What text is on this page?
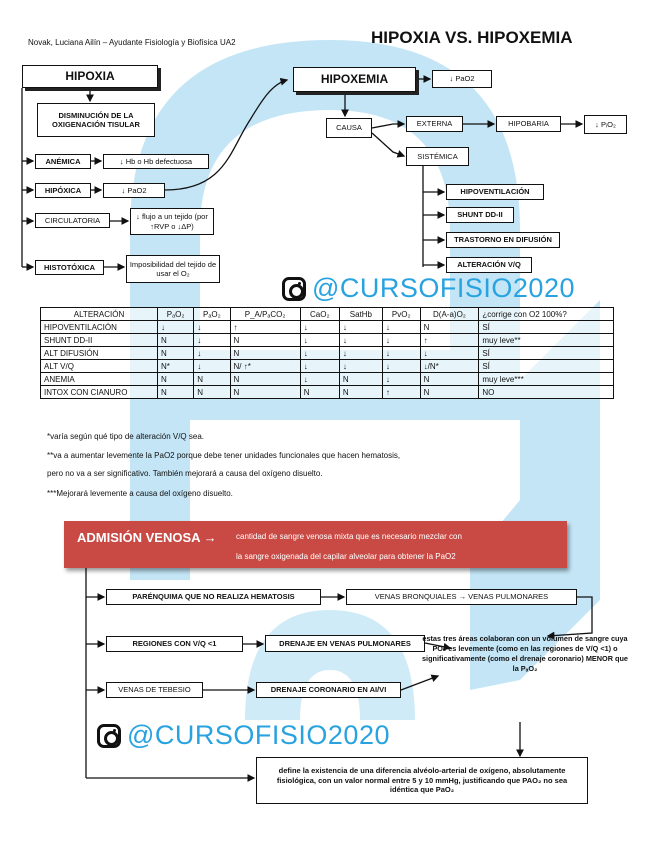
Novak, Luciana Ailín – Ayudante Fisiología y Biofísica UA2	HIPOXIA VS. HIPOXEMIA
HIPOXIA
DISMINUCIÓN DE LA OXIGENACIÓN TISULAR
ANÉMICA	↓ Hb o Hb defectuosa
HIPÓXICA	↓ PaO2
CIRCULATORIA	↓ flujo a un tejido (por ↑RVP o ↓ΔP)
HISTOTÓXICA	Imposibilidad del tejido de usar el O₂
HIPOXEMIA	↓ PaO2
CAUSA	EXTERNA	HIPOBARIA	↓ PᵢO₂
SISTÉMICA
HIPOVENTILACIÓN
SHUNT DD-II
TRASTORNO EN DIFUSIÓN
ALTERACIÓN V/Q
@CURSOFISIO2020
ALTERACIÓN	PₐO₂	PₐO₂	P_A/PₐCO₂	CaO₂	SatHb	PvO₂	D(A-a)O₂	¿corrige con O2 100%?
HIPOVENTILACIÓN	↓	↓	↑	↓	↓	↓	N	SÍ
SHUNT DD-II	N	↓	N	↓	↓	↓	↑	muy leve**
ALT DIFUSIÓN	N	↓	N	↓	↓	↓	↓	SÍ
ALT V/Q	N*	↓	N/ ↑*	↓	↓	↓	↓/N*	SÍ
ANEMIA	N	N	N	↓	N	↓	N	muy leve***
INTOX CON CIANURO	N	N	N	N	N	↑	N	NO
*varía según qué tipo de alteración V/Q sea.
**va a aumentar levemente la PaO2 porque debe tener unidades funcionales que hacen hematosis,
pero no va a ser significativo. También mejorará a causa del oxígeno disuelto.
***Mejorará levemente a causa del oxígeno disuelto.
ADMISIÓN VENOSA → cantidad de sangre venosa mixta que es necesario mezclar con
la sangre oxigenada del capilar alveolar para obtener la PaO2
PARÉNQUIMA QUE NO REALIZA HEMATOSIS	VENAS BRONQUIALES → VENAS PULMONARES
REGIONES CON V/Q <1	DRENAJE EN VENAS PULMONARES
VENAS DE TEBESIO	DRENAJE CORONARIO EN AI/VI
estas tres áreas colaboran con un volumen de sangre cuya PO₂ es levemente (como en las regiones de V/Q <1) o significativamente (como el drenaje coronario) MENOR que la PₐO₂
@CURSOFISIO2020
define la existencia de una diferencia alvéolo-arterial de oxígeno, absolutamente fisiológica, con un valor normal entre 5 y 10 mmHg, justificando que PAO₂ no sea idéntica que PaO₂
